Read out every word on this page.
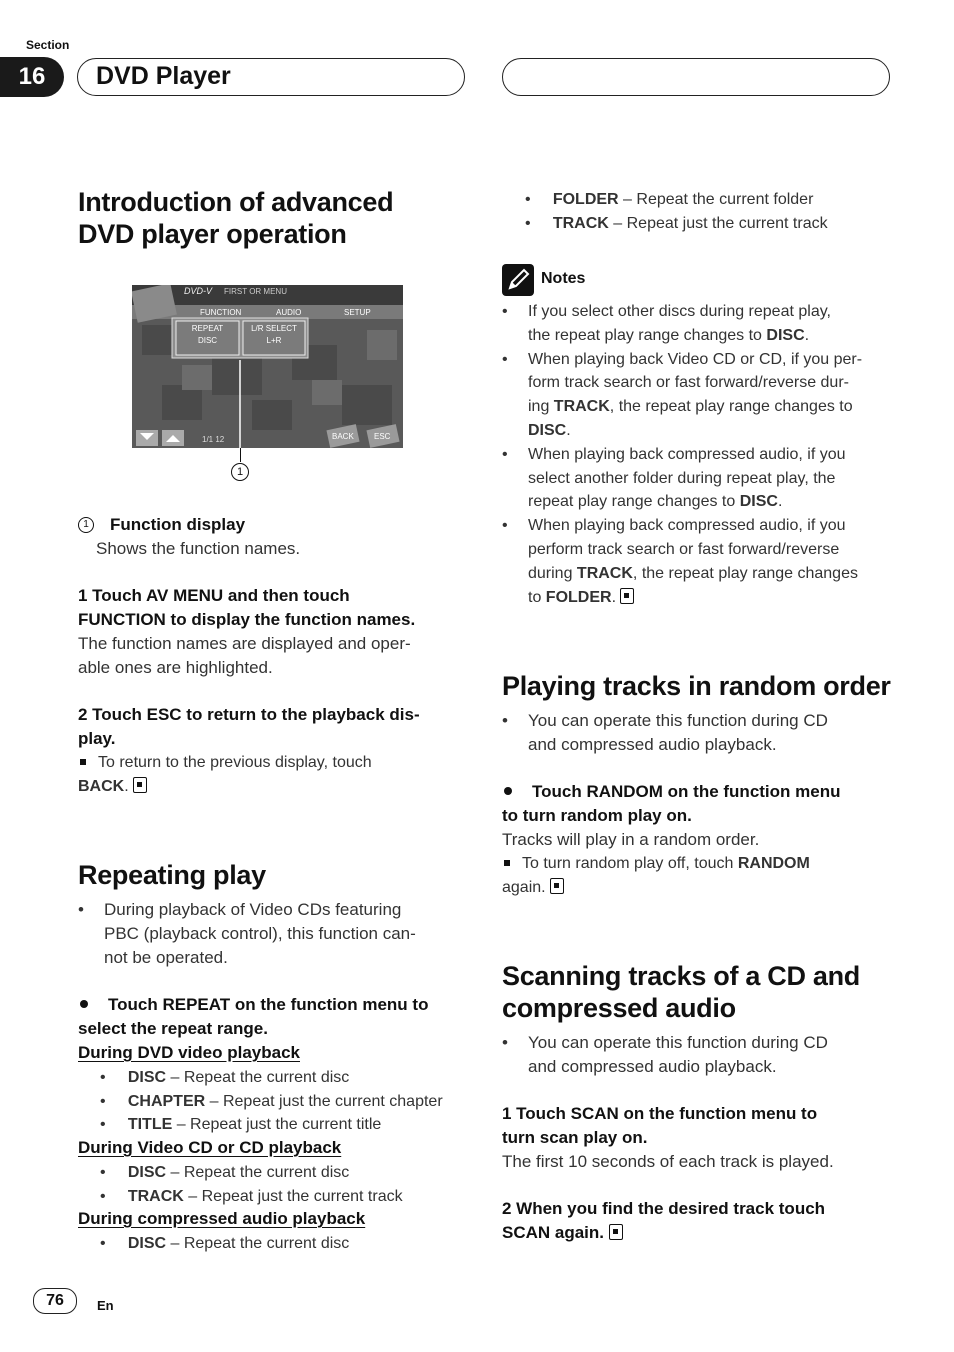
Section
16	DVD Player
Introduction of advanced
DVD player operation
DVD-V FIRST OR MENU
FUNCTION	AUDIO	SETUP
REPEAT
DISC
L/R SELECT
L+R
1/1 12	BACK	ESC
1
1	Function display
Shows the function names.
1 Touch AV MENU and then touch
FUNCTION to display the function names.
The function names are displayed and oper-
able ones are highlighted.
2 Touch ESC to return to the playback dis-
play.
To return to the previous display, touch
BACK.
Repeating play
• During playback of Video CDs featuring
PBC (playback control), this function can-
not be operated.
Touch REPEAT on the function menu to
select the repeat range.
During DVD video playback
•     DISC – Repeat the current disc
•     CHAPTER – Repeat just the current chapter
•     TITLE – Repeat just the current title
During Video CD or CD playback
•     DISC – Repeat the current disc
•     TRACK – Repeat just the current track
During compressed audio playback
•     DISC – Repeat the current disc
•     FOLDER – Repeat the current folder
•     TRACK – Repeat just the current track
Notes
• If you select other discs during repeat play,
the repeat play range changes to DISC.
• When playing back Video CD or CD, if you per-
form track search or fast forward/reverse dur-
ing TRACK, the repeat play range changes to
DISC.
• When playing back compressed audio, if you
select another folder during repeat play, the
repeat play range changes to DISC.
• When playing back compressed audio, if you
perform track search or fast forward/reverse
during TRACK, the repeat play range changes
to FOLDER.
Playing tracks in random order
• You can operate this function during CD
and compressed audio playback.
Touch RANDOM on the function menu
to turn random play on.
Tracks will play in a random order.
To turn random play off, touch RANDOM
again.
Scanning tracks of a CD and
compressed audio
• You can operate this function during CD
and compressed audio playback.
1 Touch SCAN on the function menu to
turn scan play on.
The first 10 seconds of each track is played.
2 When you find the desired track touch
SCAN again.
76	En
